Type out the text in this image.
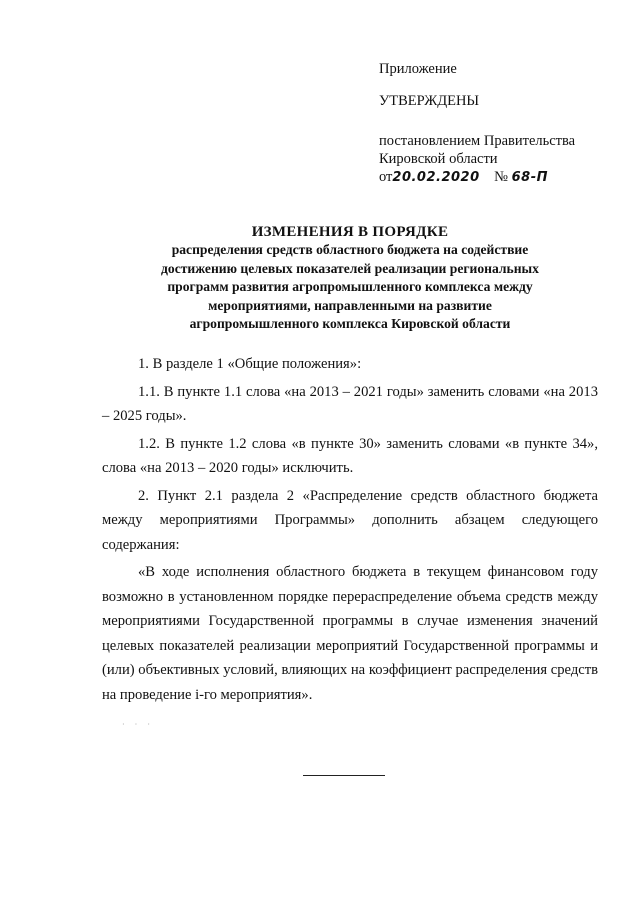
Приложение
УТВЕРЖДЕНЫ
постановлением Правительства
Кировской области
от20.02.2020 № 68-П
ИЗМЕНЕНИЯ В ПОРЯДКЕ
распределения средств областного бюджета на содействие
достижению целевых показателей реализации региональных
программ развития агропромышленного комплекса между
мероприятиями, направленными на развитие
агропромышленного комплекса Кировской области

1. В разделе 1 «Общие положения»:

1.1. В пункте 1.1 слова «на 2013 – 2021 годы» заменить словами «на 2013 – 2025 годы».

1.2. В пункте 1.2 слова «в пункте 30» заменить словами «в пункте 34», слова «на 2013 – 2020 годы» исключить.

2. Пункт 2.1 раздела 2 «Распределение средств областного бюджета между мероприятиями Программы» дополнить абзацем следующего содержания:

«В ходе исполнения областного бюджета в текущем финансовом году возможно в установленном порядке перераспределение объема средств между мероприятиями Государственной программы в случае изменения значений целевых показателей реализации мероприятий Государственной программы и (или) объективных условий, влияющих на коэффициент распределения средств на проведение i-го мероприятия».

· · ·
